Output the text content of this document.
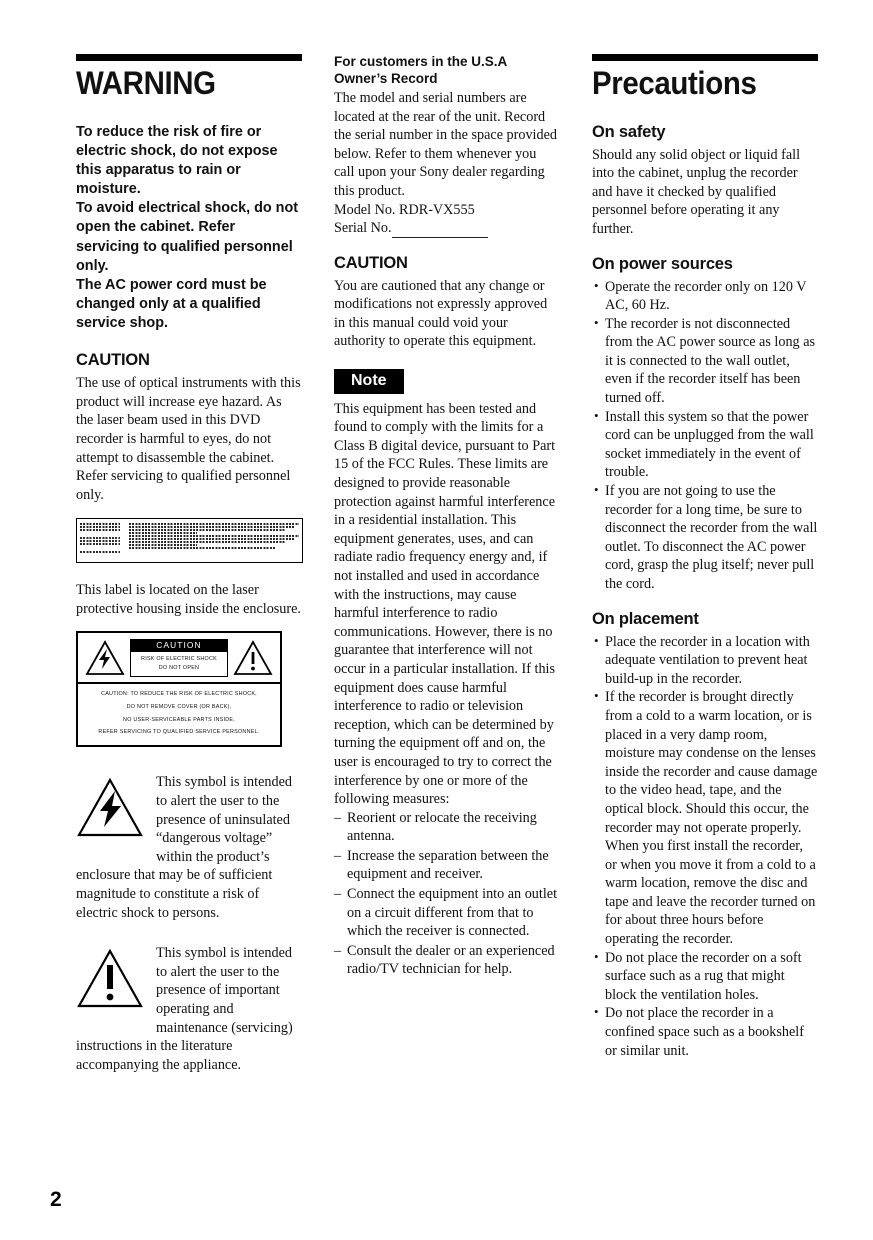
WARNING

To reduce the risk of fire or electric shock, do not expose this apparatus to rain or moisture.

To avoid electrical shock, do not open the cabinet. Refer servicing to qualified personnel only.

The AC power cord must be changed only at a qualified service shop.

CAUTION

The use of optical instruments with this product will increase eye hazard. As the laser beam used in this DVD recorder is harmful to eyes, do not attempt to disassemble the cabinet. Refer servicing to qualified personnel only.

This label is located on the laser protective housing inside the enclosure.

CAUTION
RISK OF ELECTRIC SHOCK
DO NOT OPEN
CAUTION: TO REDUCE THE RISK OF ELECTRIC SHOCK,
DO NOT REMOVE COVER (OR BACK),
NO USER-SERVICEABLE PARTS INSIDE,
REFER SERVICING TO QUALIFIED SERVICE PERSONNEL.
This symbol is intended to alert the user to the presence of uninsulated “dangerous voltage” within the product’s
enclosure that may be of sufficient magnitude to constitute a risk of electric shock to persons.
This symbol is intended to alert the user to the presence of important operating and maintenance (servicing)
instructions in the literature accompanying the appliance.
For customers in the U.S.A
Owner’s Record

The model and serial numbers are located at the rear of the unit. Record the serial number in the space provided below. Refer to them whenever you call upon your Sony dealer regarding this product.

Model No. RDR-VX555

Serial No.

CAUTION

You are cautioned that any change or modifications not expressly approved in this manual could void your authority to operate this equipment.

Note

This equipment has been tested and found to comply with the limits for a Class B digital device, pursuant to Part 15 of the FCC Rules. These limits are designed to provide reasonable protection against harmful interference in a residential installation. This equipment generates, uses, and can radiate radio frequency energy and, if not installed and used in accordance with the instructions, may cause harmful interference to radio communications. However, there is no guarantee that interference will not occur in a particular installation. If this equipment does cause harmful interference to radio or television reception, which can be determined by turning the equipment off and on, the user is encouraged to try to correct the interference by one or more of the following measures:

– Reorient or relocate the receiving antenna.
– Increase the separation between the equipment and receiver.
– Connect the equipment into an outlet on a circuit different from that to which the receiver is connected.
– Consult the dealer or an experienced radio/TV technician for help.
Precautions
On safety

Should any solid object or liquid fall into the cabinet, unplug the recorder and have it checked by qualified personnel before operating it any further.

On power sources
• Operate the recorder only on 120 V AC, 60 Hz.
• The recorder is not disconnected from the AC power source as long as it is connected to the wall outlet, even if the recorder itself has been turned off.
• Install this system so that the power cord can be unplugged from the wall socket immediately in the event of trouble.
• If you are not going to use the recorder for a long time, be sure to disconnect the recorder from the wall outlet. To disconnect the AC power cord, grasp the plug itself; never pull the cord.
On placement
• Place the recorder in a location with adequate ventilation to prevent heat build-up in the recorder.
• If the recorder is brought directly from a cold to a warm location, or is placed in a very damp room, moisture may condense on the lenses inside the recorder and cause damage to the video head, tape, and the optical block. Should this occur, the recorder may not operate properly. When you first install the recorder, or when you move it from a cold to a warm location, remove the disc and tape and leave the recorder turned on for about three hours before operating the recorder.
• Do not place the recorder on a soft surface such as a rug that might block the ventilation holes.
• Do not place the recorder in a confined space such as a bookshelf or similar unit.
2
